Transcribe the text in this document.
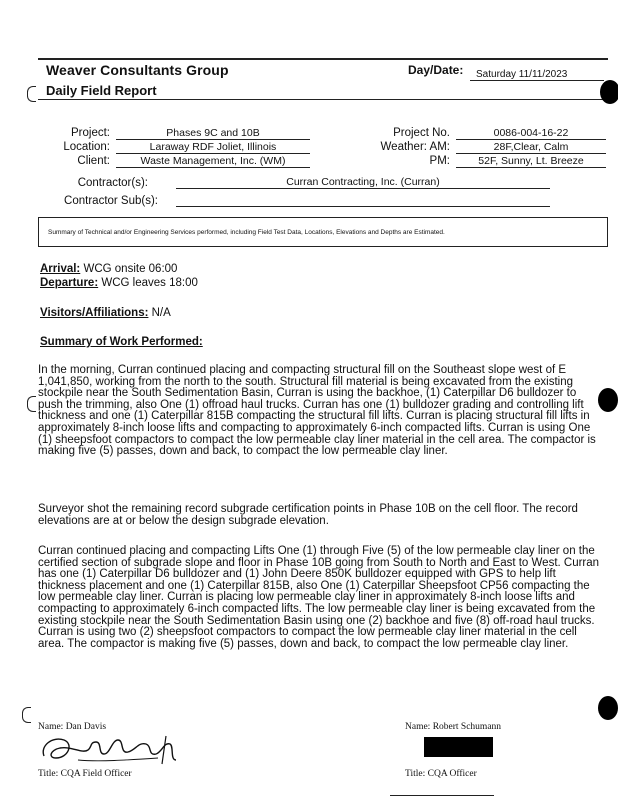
Weaver Consultants Group	Day/Date: Saturday 11/11/2023
Daily Field Report
Project:	Phases 9C and 10B
Location:	Laraway RDF Joliet, Illinois
Client:	Waste Management, Inc. (WM)
Project No.	0086-004-16-22
Weather: AM:	28F,Clear, Calm
PM:	52F, Sunny, Lt. Breeze
Contractor(s):	Curran Contracting, Inc. (Curran)
Contractor Sub(s):
Summary of Technical and/or Engineering Services performed, including Field Test Data, Locations, Elevations and Depths are Estimated.
Arrival: WCG onsite 06:00
Departure: WCG leaves 18:00
Visitors/Affiliations: N/A
Summary of Work Performed:
In the morning, Curran continued placing and compacting structural fill on the Southeast slope west of E 1,041,850, working from the north to the south. Structural fill material is being excavated from the existing stockpile near the South Sedimentation Basin, Curran is using the backhoe, (1) Caterpillar D6 bulldozer to push the trimming, also One (1) offroad haul trucks. Curran has one (1) bulldozer grading and controlling lift thickness and one (1) Caterpillar 815B compacting the structural fill lifts. Curran is placing structural fill lifts in approximately 8-inch loose lifts and compacting to approximately 6-inch compacted lifts. Curran is using One (1) sheepsfoot compactors to compact the low permeable clay liner material in the cell area. The compactor is making five (5) passes, down and back, to compact the low permeable clay liner.
Surveyor shot the remaining record subgrade certification points in Phase 10B on the cell floor. The record elevations are at or below the design subgrade elevation.
Curran continued placing and compacting Lifts One (1) through Five (5) of the low permeable clay liner on the certified section of subgrade slope and floor in Phase 10B going from South to North and East to West. Curran has one (1) Caterpillar D6 bulldozer and (1) John Deere 850K bulldozer equipped with GPS to help lift thickness placement and one (1) Caterpillar 815B, also One (1) Caterpillar Sheepsfoot CP56 compacting the low permeable clay liner. Curran is placing low permeable clay liner in approximately 8-inch loose lifts and compacting to approximately 6-inch compacted lifts. The low permeable clay liner is being excavated from the existing stockpile near the South Sedimentation Basin using one (2) backhoe and five (8) off-road haul trucks. Curran is using two (2) sheepsfoot compactors to compact the low permeable clay liner material in the cell area. The compactor is making five (5) passes, down and back, to compact the low permeable clay liner.
Name: Dan Davis
Title: CQA Field Officer
Name: Robert Schumann
Title: CQA Officer
